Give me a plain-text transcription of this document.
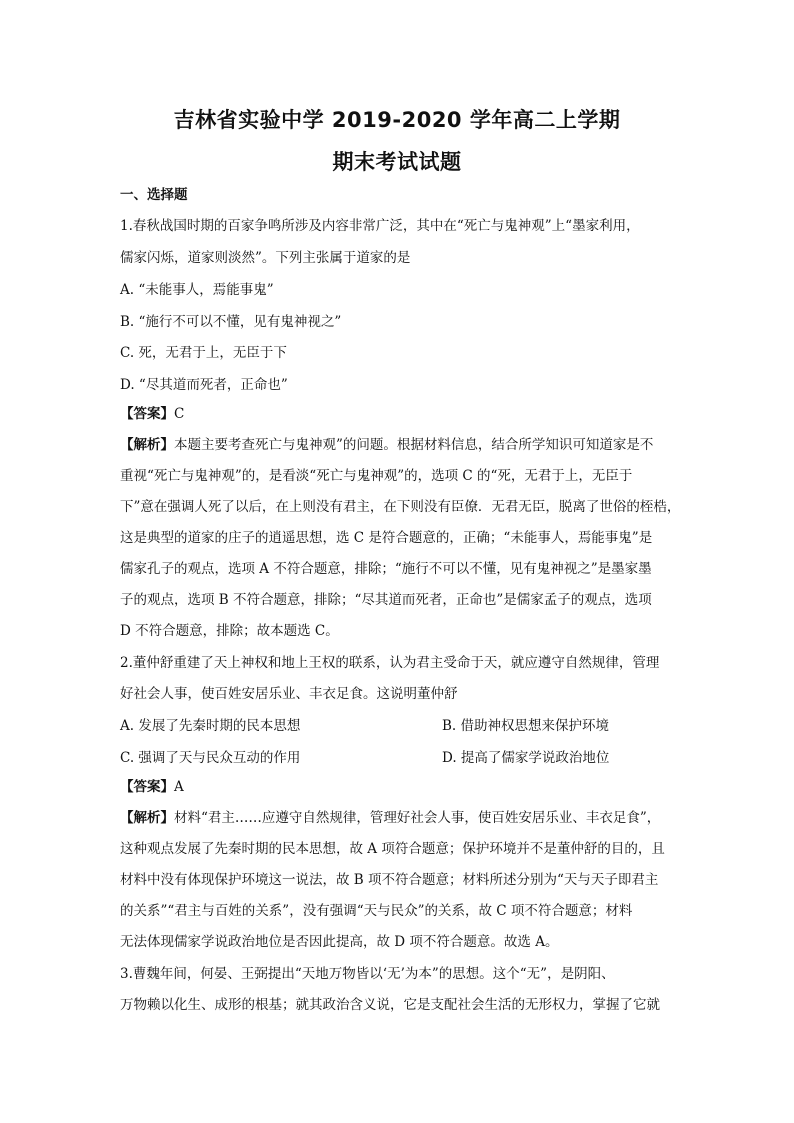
吉林省实验中学 2019-2020 学年高二上学期
期末考试试题
一、选择题
1.春秋战国时期的百家争鸣所涉及内容非常广泛，其中在“死亡与鬼神观”上“墨家利用，
儒家闪烁，道家则淡然”。下列主张属于道家的是
A. “未能事人，焉能事鬼”
B. “施行不可以不懂，见有鬼神视之”
C. 死，无君于上，无臣于下
D. “尽其道而死者，正命也”
【答案】C
【解析】本题主要考查死亡与鬼神观”的问题。根据材料信息，结合所学知识可知道家是不
重视“死亡与鬼神观”的，是看淡“死亡与鬼神观”的，选项 C 的“死，无君于上，无臣于
下”意在强调人死了以后，在上则没有君主，在下则没有臣僚．无君无臣，脱离了世俗的桎梏，
这是典型的道家的庄子的逍遥思想，选 C 是符合题意的，正确；“未能事人，焉能事鬼”是
儒家孔子的观点，选项 A 不符合题意，排除；“施行不可以不懂，见有鬼神视之”是墨家墨
子的观点，选项 B 不符合题意，排除；“尽其道而死者，正命也”是儒家孟子的观点，选项
D 不符合题意，排除；故本题选 C。
2.董仲舒重建了天上神权和地上王权的联系，认为君主受命于天，就应遵守自然规律，管理
好社会人事，使百姓安居乐业、丰衣足食。这说明董仲舒
A. 发展了先秦时期的民本思想	B. 借助神权思想来保护环境
C. 强调了天与民众互动的作用	D. 提高了儒家学说政治地位
【答案】A
【解析】材料“君主……应遵守自然规律，管理好社会人事，使百姓安居乐业、丰衣足食”，
这种观点发展了先秦时期的民本思想，故 A 项符合题意；保护环境并不是董仲舒的目的，且
材料中没有体现保护环境这一说法，故 B 项不符合题意；材料所述分别为“天与天子即君主
的关系”“君主与百姓的关系”，没有强调“天与民众”的关系，故 C 项不符合题意；材料
无法体现儒家学说政治地位是否因此提高，故 D 项不符合题意。故选 A。
3.曹魏年间，何晏、王弼提出“天地万物皆以‘无’为本”的思想。这个“无”，是阴阳、
万物赖以化生、成形的根基；就其政治含义说，它是支配社会生活的无形权力，掌握了它就
